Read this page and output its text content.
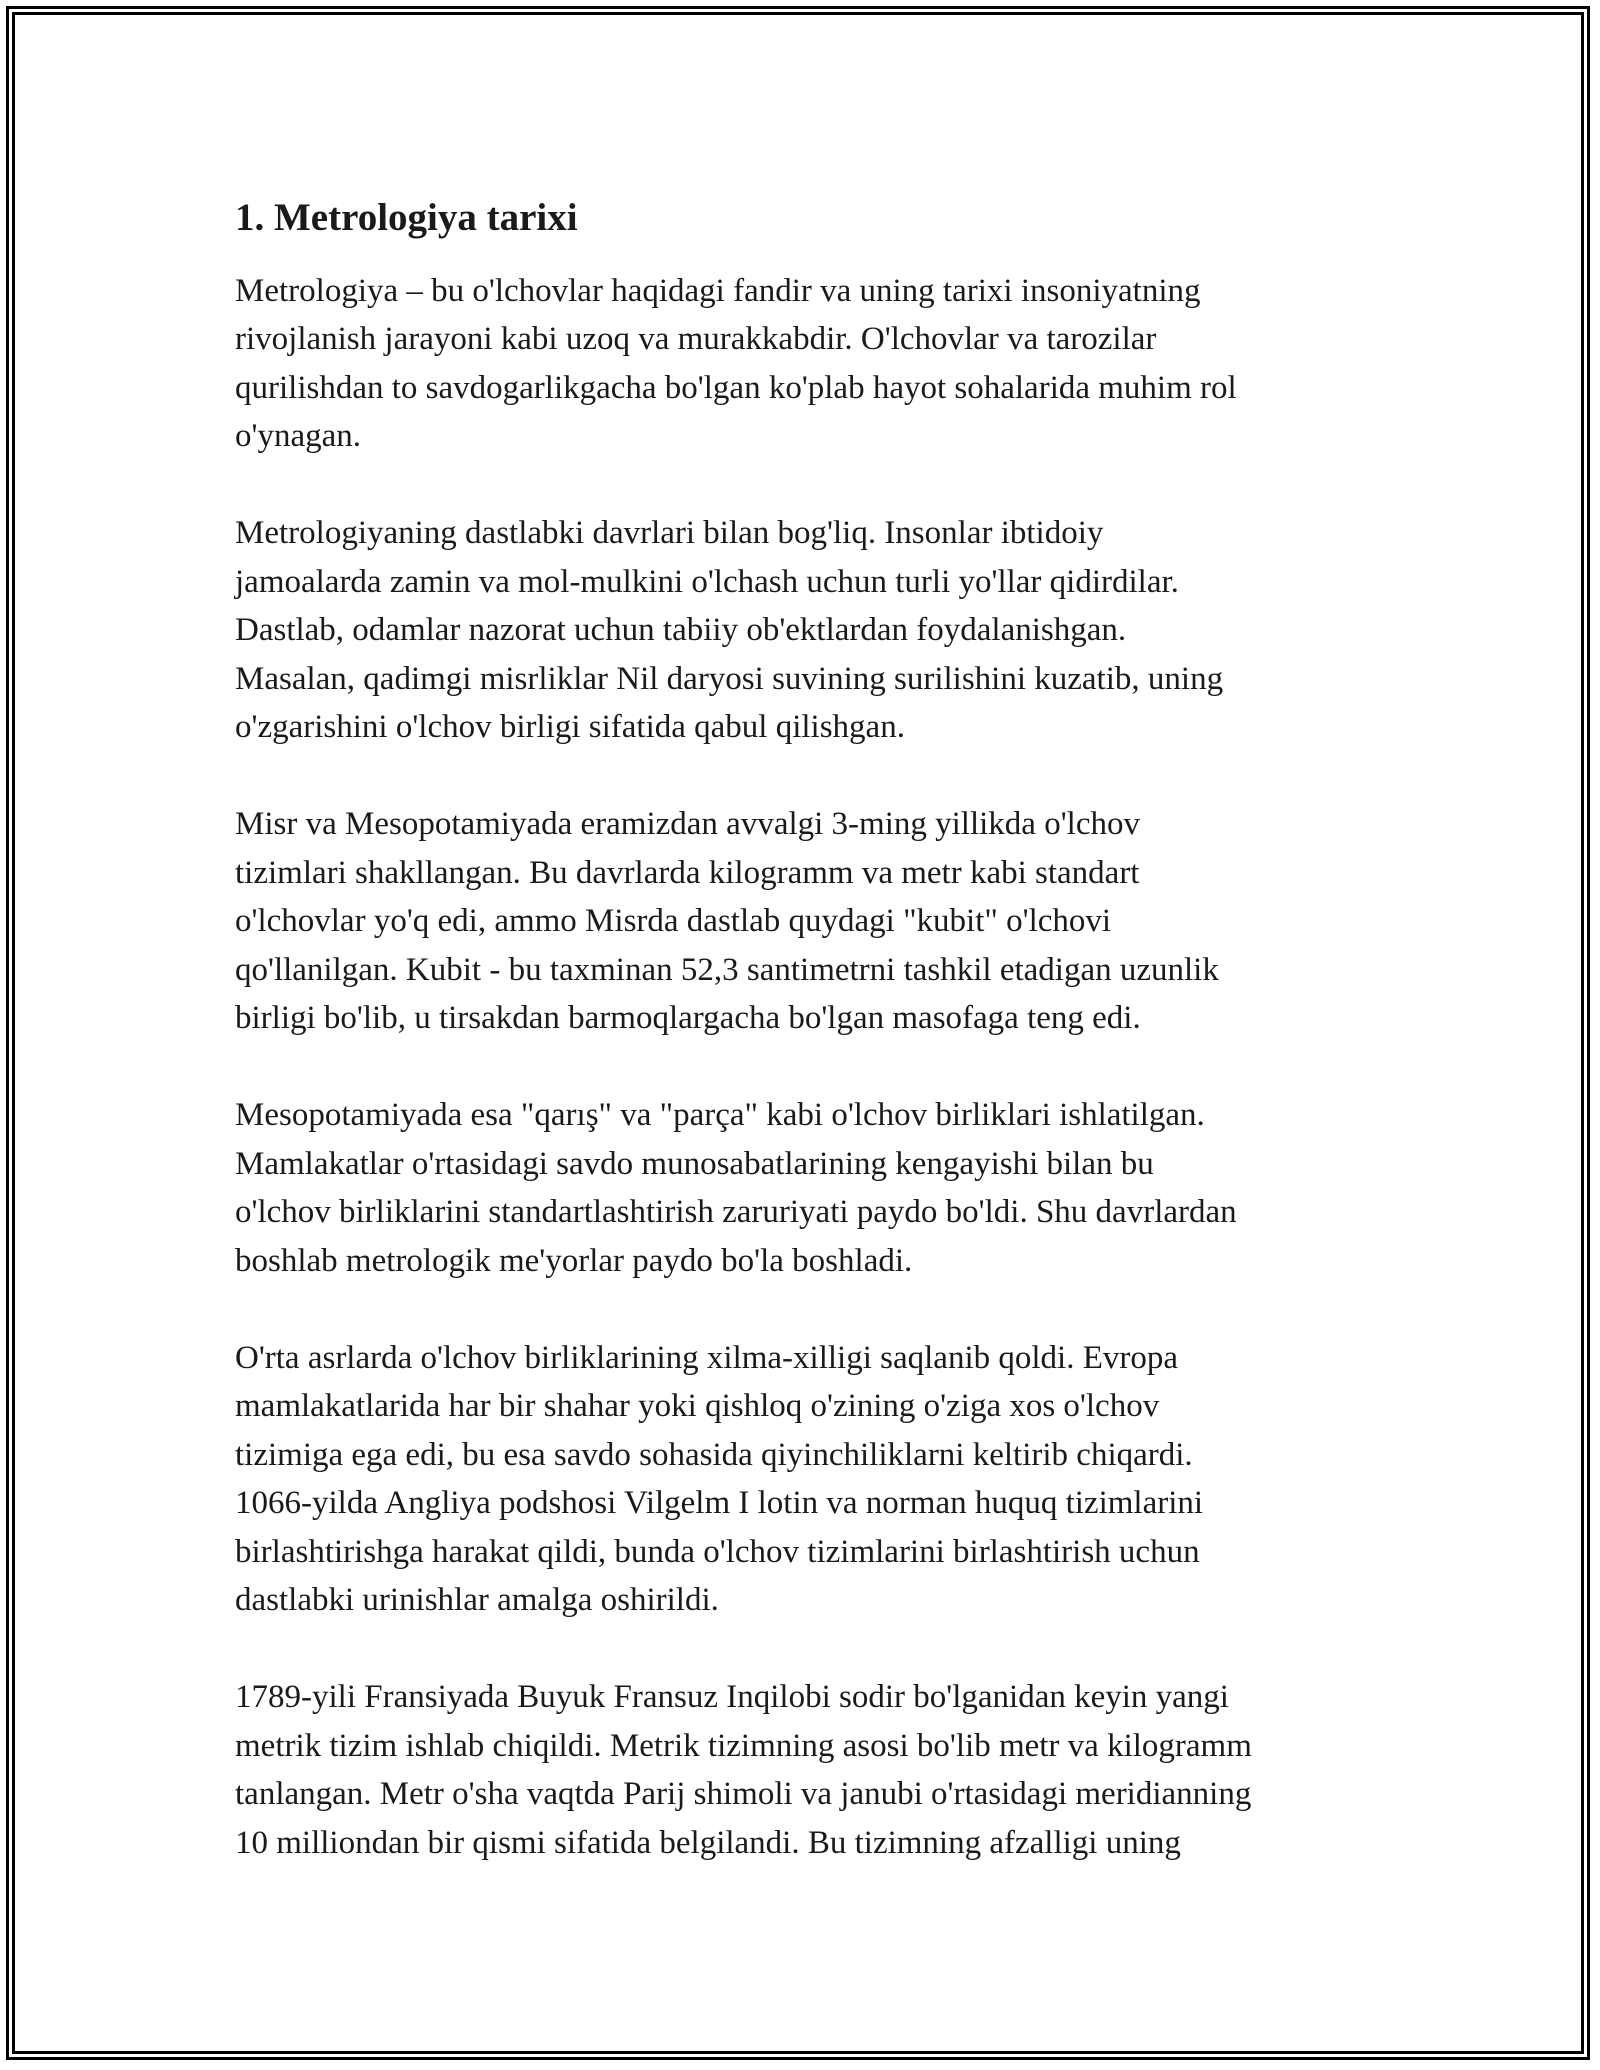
1. Metrologiya tarixi

Metrologiya – bu o'lchovlar haqidagi fandir va uning tarixi insoniyatning
rivojlanish jarayoni kabi uzoq va murakkabdir. O'lchovlar va tarozilar
qurilishdan to savdogarlikgacha bo'lgan ko'plab hayot sohalarida muhim rol
o'ynagan.

Metrologiyaning dastlabki davrlari bilan bog'liq. Insonlar ibtidoiy
jamoalarda zamin va mol-mulkini o'lchash uchun turli yo'llar qidirdilar.
Dastlab, odamlar nazorat uchun tabiiy ob'ektlardan foydalanishgan.
Masalan, qadimgi misrliklar Nil daryosi suvining surilishini kuzatib, uning
o'zgarishini o'lchov birligi sifatida qabul qilishgan.

Misr va Mesopotamiyada eramizdan avvalgi 3-ming yillikda o'lchov
tizimlari shakllangan. Bu davrlarda kilogramm va metr kabi standart
o'lchovlar yo'q edi, ammo Misrda dastlab quydagi "kubit" o'lchovi
qo'llanilgan. Kubit - bu taxminan 52,3 santimetrni tashkil etadigan uzunlik
birligi bo'lib, u tirsakdan barmoqlargacha bo'lgan masofaga teng edi.

Mesopotamiyada esa "qarış" va "parça" kabi o'lchov birliklari ishlatilgan.
Mamlakatlar o'rtasidagi savdo munosabatlarining kengayishi bilan bu
o'lchov birliklarini standartlashtirish zaruriyati paydo bo'ldi. Shu davrlardan
boshlab metrologik me'yorlar paydo bo'la boshladi.

O'rta asrlarda o'lchov birliklarining xilma-xilligi saqlanib qoldi. Evropa
mamlakatlarida har bir shahar yoki qishloq o'zining o'ziga xos o'lchov
tizimiga ega edi, bu esa savdo sohasida qiyinchiliklarni keltirib chiqardi.
1066-yilda Angliya podshosi Vilgelm I lotin va norman huquq tizimlarini
birlashtirishga harakat qildi, bunda o'lchov tizimlarini birlashtirish uchun
dastlabki urinishlar amalga oshirildi.

1789-yili Fransiyada Buyuk Fransuz Inqilobi sodir bo'lganidan keyin yangi
metrik tizim ishlab chiqildi. Metrik tizimning asosi bo'lib metr va kilogramm
tanlangan. Metr o'sha vaqtda Parij shimoli va janubi o'rtasidagi meridianning
10 milliondan bir qismi sifatida belgilandi. Bu tizimning afzalligi uning
